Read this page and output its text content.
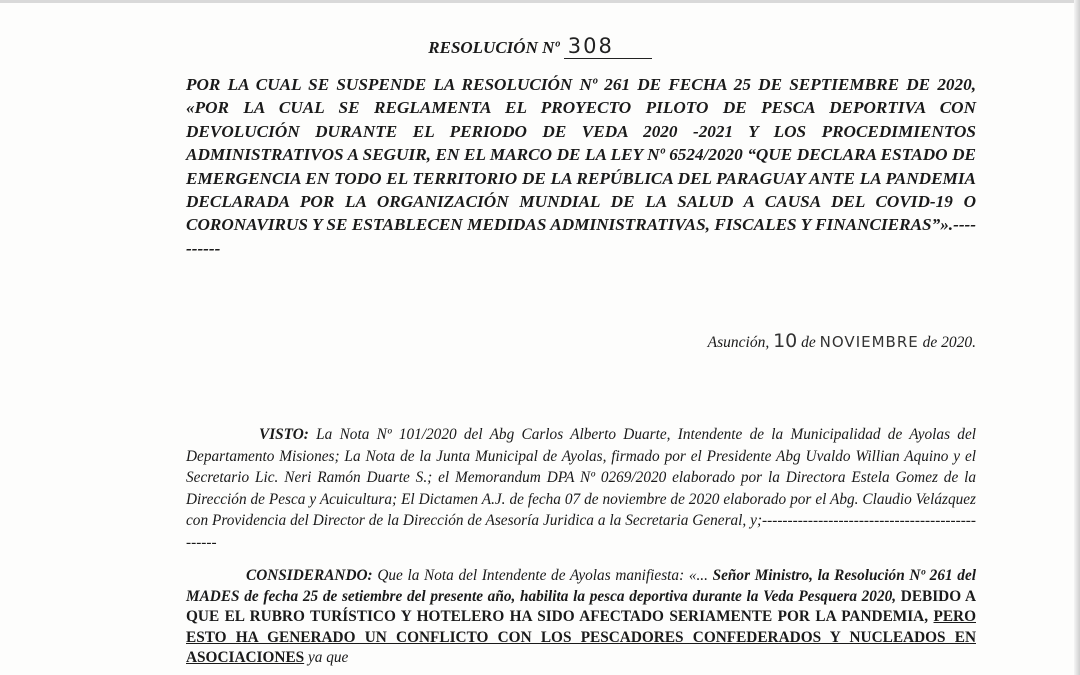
RESOLUCIÓN Nº 308

POR LA CUAL SE SUSPENDE LA RESOLUCIÓN Nº 261 DE FECHA 25 DE SEPTIEMBRE DE 2020, «POR LA CUAL SE REGLAMENTA EL PROYECTO PILOTO DE PESCA DEPORTIVA CON DEVOLUCIÓN DURANTE EL PERIODO DE VEDA 2020 -2021 Y LOS PROCEDIMIENTOS ADMINISTRATIVOS A SEGUIR, EN EL MARCO DE LA LEY Nº 6524/2020 “QUE DECLARA ESTADO DE EMERGENCIA EN TODO EL TERRITORIO DE LA REPÚBLICA DEL PARAGUAY ANTE LA PANDEMIA DECLARADA POR LA ORGANIZACIÓN MUNDIAL DE LA SALUD A CAUSA DEL COVID-19 O CORONAVIRUS Y SE ESTABLECEN MEDIDAS ADMINISTRATIVAS, FISCALES Y FINANCIERAS”».----------

Asunción, 10 de NOVIEMBRE de 2020.

VISTO: La Nota Nº 101/2020 del Abg Carlos Alberto Duarte, Intendente de la Municipalidad de Ayolas del Departamento Misiones; La Nota de la Junta Municipal de Ayolas, firmado por el Presidente Abg Uvaldo Willian Aquino y el Secretario Lic. Neri Ramón Duarte S.; el Memorandum DPA Nº 0269/2020 elaborado por la Directora Estela Gomez de la Dirección de Pesca y Acuicultura; El Dictamen A.J. de fecha 07 de noviembre de 2020 elaborado por el Abg. Claudio Velázquez con Providencia del Director de la Dirección de Asesoría Juridica a la Secretaria General, y;------------------------------------------------

CONSIDERANDO: Que la Nota del Intendente de Ayolas manifiesta: «... Señor Ministro, la Resolución Nº 261 del MADES de fecha 25 de setiembre del presente año, habilita la pesca deportiva durante la Veda Pesquera 2020, DEBIDO A QUE EL RUBRO TURÍSTICO Y HOTELERO HA SIDO AFECTADO SERIAMENTE POR LA PANDEMIA, PERO ESTO HA GENERADO UN CONFLICTO CON LOS PESCADORES CONFEDERADOS Y NUCLEADOS EN ASOCIACIONES ya que
